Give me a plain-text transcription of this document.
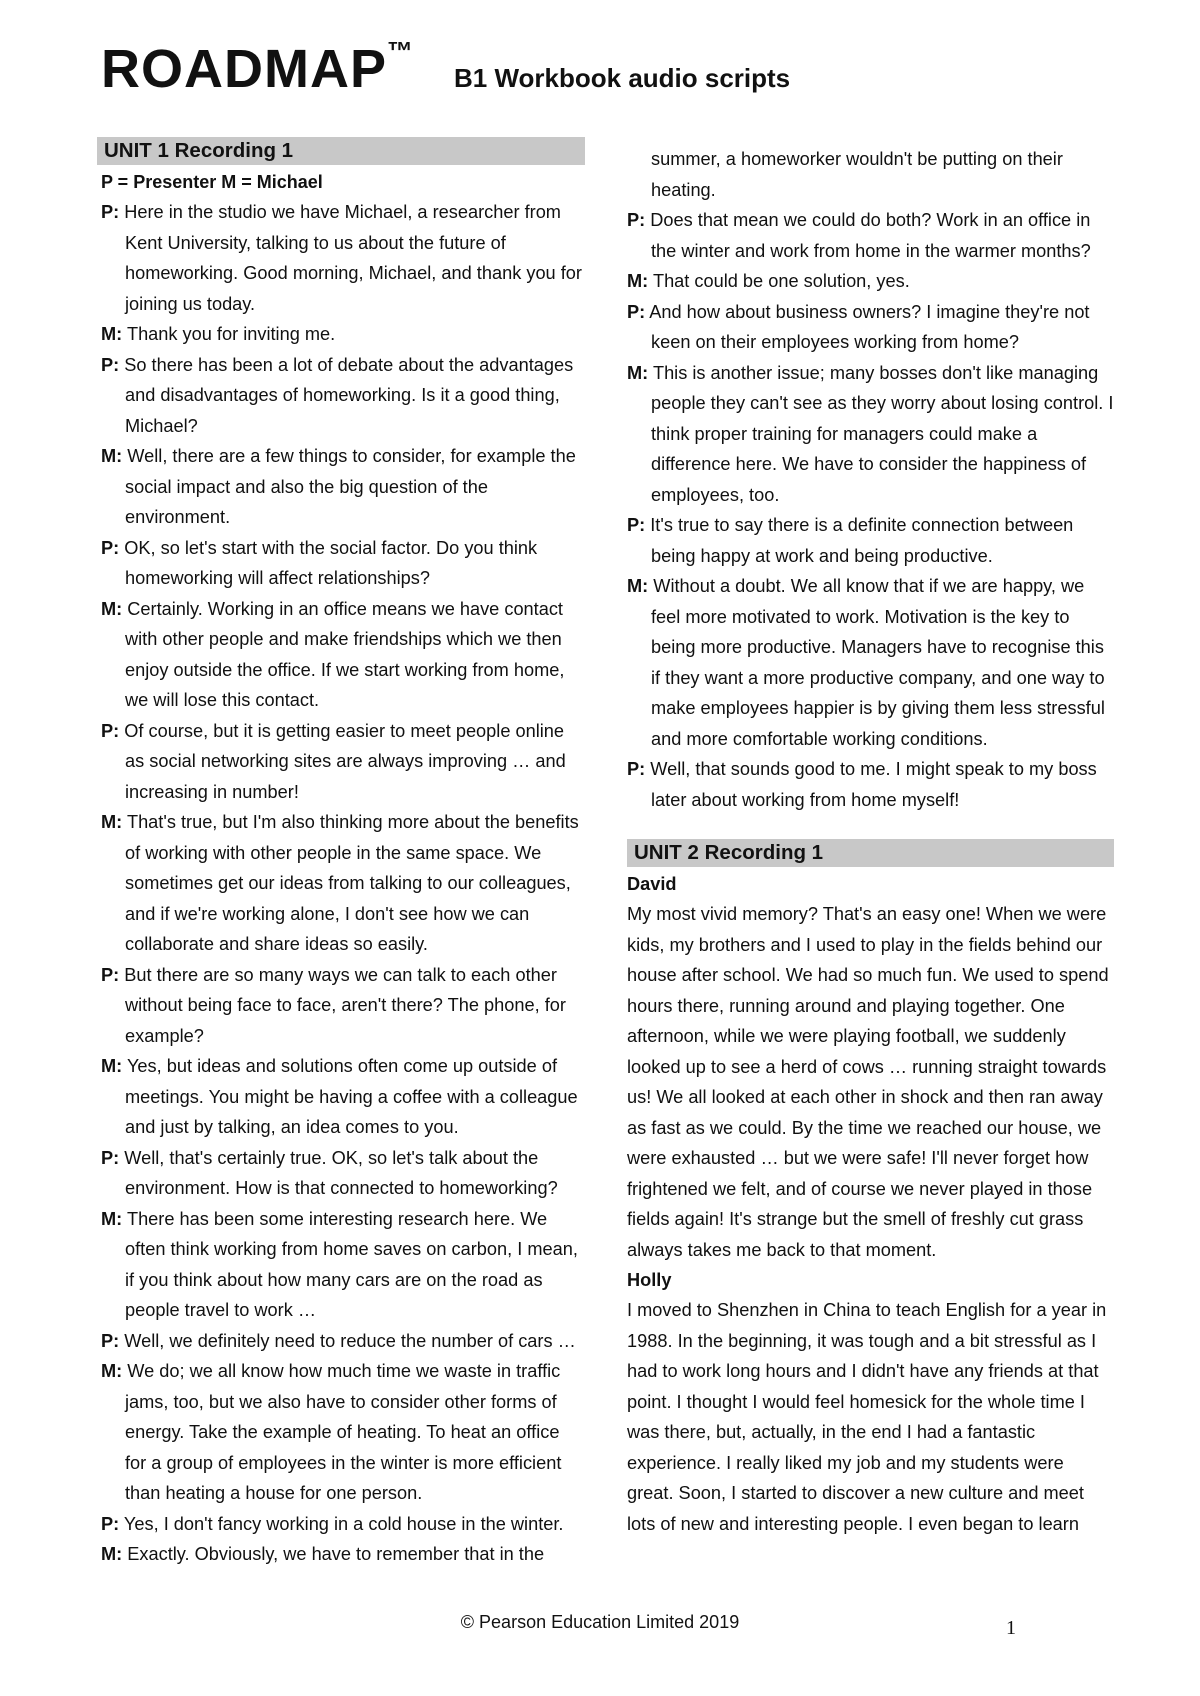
ROADMAP™
B1 Workbook audio scripts
UNIT 1 Recording 1
P = Presenter M = Michael
P: Here in the studio we have Michael, a researcher from Kent University, talking to us about the future of homeworking. Good morning, Michael, and thank you for joining us today.
M: Thank you for inviting me.
P: So there has been a lot of debate about the advantages and disadvantages of homeworking. Is it a good thing, Michael?
M: Well, there are a few things to consider, for example the social impact and also the big question of the environment.
P: OK, so let's start with the social factor. Do you think homeworking will affect relationships?
M: Certainly. Working in an office means we have contact with other people and make friendships which we then enjoy outside the office. If we start working from home, we will lose this contact.
P: Of course, but it is getting easier to meet people online as social networking sites are always improving … and increasing in number!
M: That's true, but I'm also thinking more about the benefits of working with other people in the same space. We sometimes get our ideas from talking to our colleagues, and if we're working alone, I don't see how we can collaborate and share ideas so easily.
P: But there are so many ways we can talk to each other without being face to face, aren't there? The phone, for example?
M: Yes, but ideas and solutions often come up outside of meetings. You might be having a coffee with a colleague and just by talking, an idea comes to you.
P: Well, that's certainly true. OK, so let's talk about the environment. How is that connected to homeworking?
M: There has been some interesting research here. We often think working from home saves on carbon, I mean, if you think about how many cars are on the road as people travel to work …
P: Well, we definitely need to reduce the number of cars …
M: We do; we all know how much time we waste in traffic jams, too, but we also have to consider other forms of energy. Take the example of heating. To heat an office for a group of employees in the winter is more efficient than heating a house for one person.
P: Yes, I don't fancy working in a cold house in the winter.
M: Exactly. Obviously, we have to remember that in the
summer, a homeworker wouldn't be putting on their heating.
P: Does that mean we could do both? Work in an office in the winter and work from home in the warmer months?
M: That could be one solution, yes.
P: And how about business owners? I imagine they're not keen on their employees working from home?
M: This is another issue; many bosses don't like managing people they can't see as they worry about losing control. I think proper training for managers could make a difference here. We have to consider the happiness of employees, too.
P: It's true to say there is a definite connection between being happy at work and being productive.
M: Without a doubt. We all know that if we are happy, we feel more motivated to work. Motivation is the key to being more productive. Managers have to recognise this if they want a more productive company, and one way to make employees happier is by giving them less stressful and more comfortable working conditions.
P: Well, that sounds good to me. I might speak to my boss later about working from home myself!
UNIT 2 Recording 1
David
My most vivid memory? That's an easy one! When we were kids, my brothers and I used to play in the fields behind our house after school. We had so much fun. We used to spend hours there, running around and playing together. One afternoon, while we were playing football, we suddenly looked up to see a herd of cows … running straight towards us! We all looked at each other in shock and then ran away as fast as we could. By the time we reached our house, we were exhausted … but we were safe! I'll never forget how frightened we felt, and of course we never played in those fields again! It's strange but the smell of freshly cut grass always takes me back to that moment.
Holly
I moved to Shenzhen in China to teach English for a year in 1988. In the beginning, it was tough and a bit stressful as I had to work long hours and I didn't have any friends at that point. I thought I would feel homesick for the whole time I was there, but, actually, in the end I had a fantastic experience. I really liked my job and my students were great. Soon, I started to discover a new culture and meet lots of new and interesting people. I even began to learn
© Pearson Education Limited 2019	1
